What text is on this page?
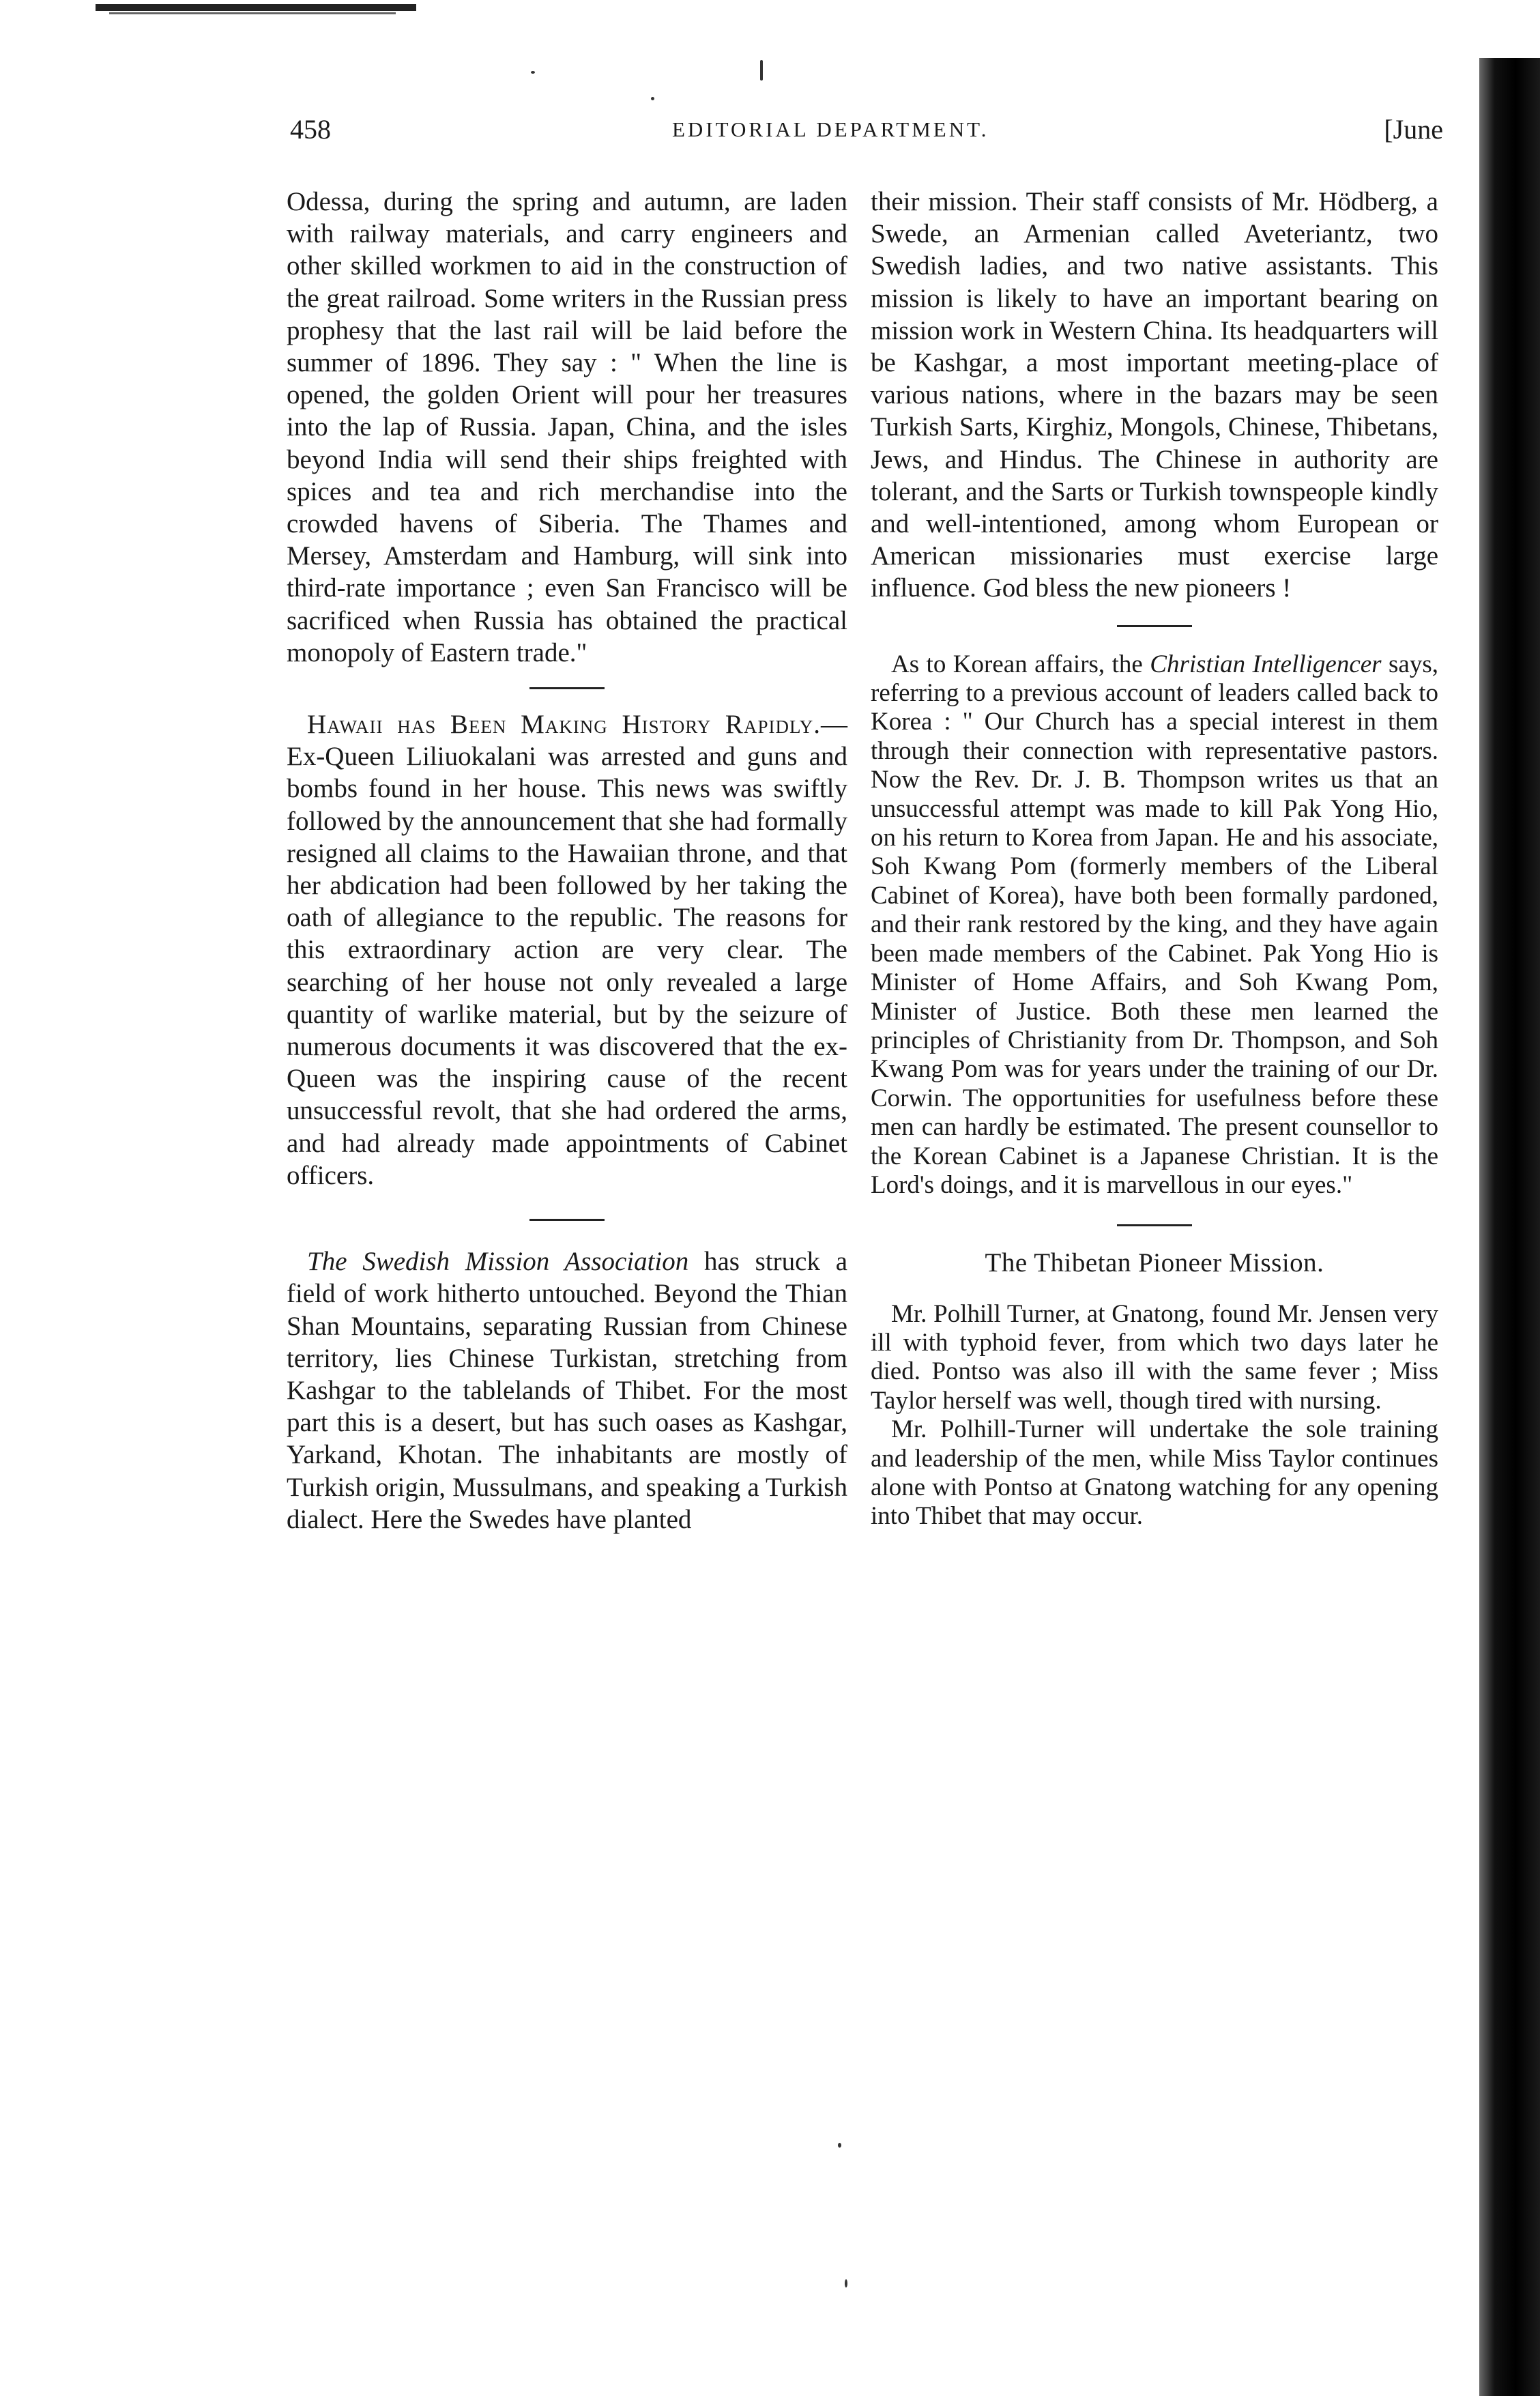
458	EDITORIAL DEPARTMENT.	[June

Odessa, during the spring and autumn, are laden with railway materials, and carry engineers and other skilled workmen to aid in the construction of the great railroad. Some writers in the Russian press prophesy that the last rail will be laid before the summer of 1896. They say : " When the line is opened, the golden Orient will pour her treasures into the lap of Russia. Japan, China, and the isles beyond India will send their ships freighted with spices and tea and rich merchandise into the crowded havens of Siberia. The Thames and Mersey, Amsterdam and Hamburg, will sink into third-rate importance ; even San Francisco will be sacrificed when Russia has obtained the practical monopoly of Eastern trade."

Hawaii has Been Making History Rapidly.—Ex-Queen Liliuokalani was arrested and guns and bombs found in her house. This news was swiftly followed by the announcement that she had formally resigned all claims to the Hawaiian throne, and that her abdication had been followed by her taking the oath of allegiance to the republic. The reasons for this extraordinary action are very clear. The searching of her house not only revealed a large quantity of warlike material, but by the seizure of numerous documents it was discovered that the ex-Queen was the inspiring cause of the recent unsuccessful revolt, that she had ordered the arms, and had already made appointments of Cabinet officers.

The Swedish Mission Association has struck a field of work hitherto untouched. Beyond the Thian Shan Mountains, separating Russian from Chinese territory, lies Chinese Turkistan, stretching from Kashgar to the tablelands of Thibet. For the most part this is a desert, but has such oases as Kashgar, Yarkand, Khotan. The inhabitants are mostly of Turkish origin, Mussulmans, and speaking a Turkish dialect. Here the Swedes have planted

their mission. Their staff consists of Mr. Hödberg, a Swede, an Armenian called Aveteriantz, two Swedish ladies, and two native assistants. This mission is likely to have an important bearing on mission work in Western China. Its headquarters will be Kashgar, a most important meeting-place of various nations, where in the bazars may be seen Turkish Sarts, Kirghiz, Mongols, Chinese, Thibetans, Jews, and Hindus. The Chinese in authority are tolerant, and the Sarts or Turkish townspeople kindly and well-intentioned, among whom European or American missionaries must exercise large influence. God bless the new pioneers !

As to Korean affairs, the Christian Intelligencer says, referring to a previous account of leaders called back to Korea : " Our Church has a special interest in them through their connection with representative pastors. Now the Rev. Dr. J. B. Thompson writes us that an unsuccessful attempt was made to kill Pak Yong Hio, on his return to Korea from Japan. He and his associate, Soh Kwang Pom (formerly members of the Liberal Cabinet of Korea), have both been formally pardoned, and their rank restored by the king, and they have again been made members of the Cabinet. Pak Yong Hio is Minister of Home Affairs, and Soh Kwang Pom, Minister of Justice. Both these men learned the principles of Christianity from Dr. Thompson, and Soh Kwang Pom was for years under the training of our Dr. Corwin. The opportunities for usefulness before these men can hardly be estimated. The present counsellor to the Korean Cabinet is a Japanese Christian. It is the Lord's doings, and it is marvellous in our eyes."

The Thibetan Pioneer Mission.

Mr. Polhill Turner, at Gnatong, found Mr. Jensen very ill with typhoid fever, from which two days later he died. Pontso was also ill with the same fever ; Miss Taylor herself was well, though tired with nursing.

Mr. Polhill-Turner will undertake the sole training and leadership of the men, while Miss Taylor continues alone with Pontso at Gnatong watching for any opening into Thibet that may occur.
